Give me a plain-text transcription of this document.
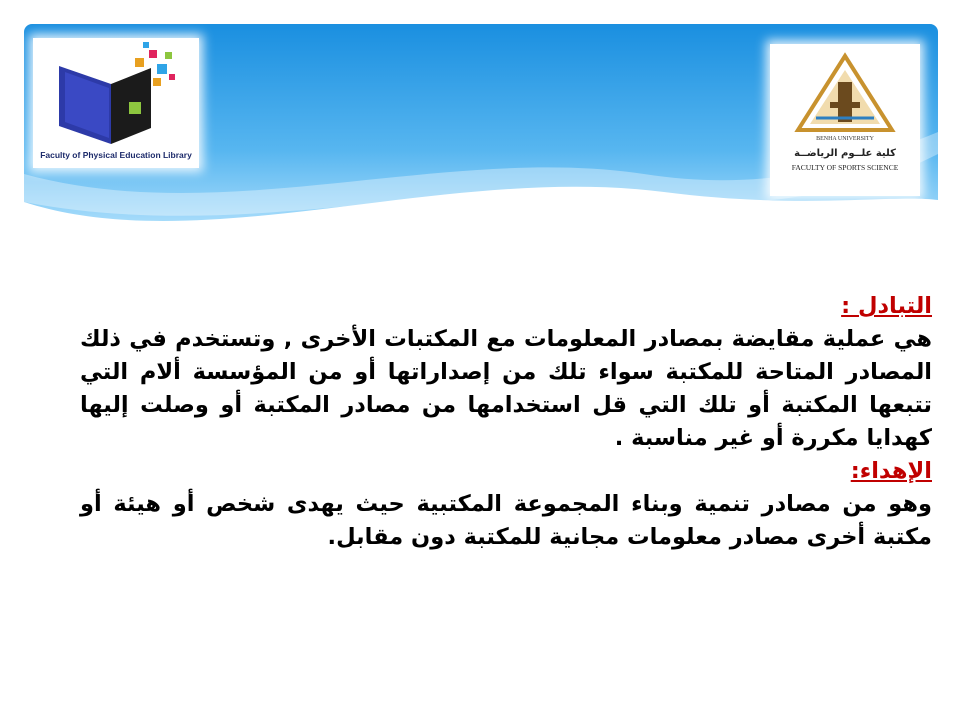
Faculty of Physical Education Library
BENHA UNIVERSITY
كلية علــوم الرياضــة
FACULTY OF SPORTS SCIENCE

التبادل :

هي عملية مقايضة بمصادر المعلومات مع المكتبات الأخرى , وتستخدم في ذلك المصادر المتاحة للمكتبة سواء تلك من إصداراتها أو من المؤسسة ألام التي تتبعها المكتبة أو تلك التي قل استخدامها من مصادر المكتبة أو وصلت إليها كهدايا مكررة أو غير مناسبة .

الإهداء:

وهو من مصادر تنمية وبناء المجموعة المكتبية حيث يهدى شخص أو هيئة أو مكتبة أخرى مصادر معلومات مجانية للمكتبة دون مقابل.
